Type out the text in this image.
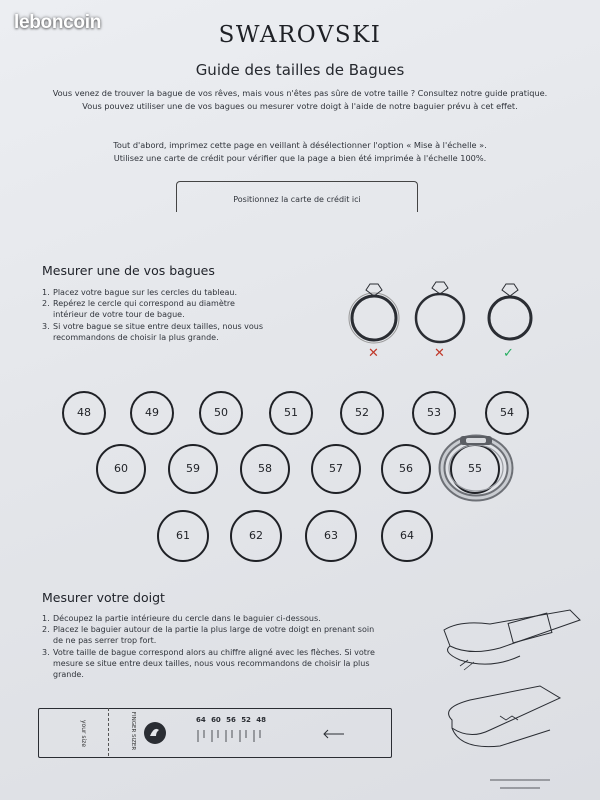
leboncoin	SWAROVSKI
Guide des tailles de Bagues
Vous venez de trouver la bague de vos rêves, mais vous n'êtes pas sûre de votre taille ? Consultez notre guide pratique.
Vous pouvez utiliser une de vos bagues ou mesurer votre doigt à l'aide de notre baguier prévu à cet effet.
Tout d'abord, imprimez cette page en veillant à désélectionner l'option « Mise à l'échelle ».
Utilisez une carte de crédit pour vérifier que la page a bien été imprimée à l'échelle 100%.
Positionnez la carte de crédit ici
Mesurer une de vos bagues
1. Placez votre bague sur les cercles du tableau.
2. Repérez le cercle qui correspond au diamètre
intérieur de votre tour de bague.
3. Si votre bague se situe entre deux tailles, nous vous
recommandons de choisir la plus grande.
✕	✕	✓
48	49	50	51	52	53	54
60	59	58	57	56	55
61	62	63	64
Mesurer votre doigt
1. Découpez la partie intérieure du cercle dans le baguier ci-dessous.
2. Placez le baguier autour de la partie la plus large de votre doigt en prenant soin
de ne pas serrer trop fort.
3. Votre taille de bague correspond alors au chiffre aligné avec les flèches. Si votre
mesure se situe entre deux tailles, nous vous recommandons de choisir la plus
grande.
your size	FINGER SIZER	64 60 56 52 48
